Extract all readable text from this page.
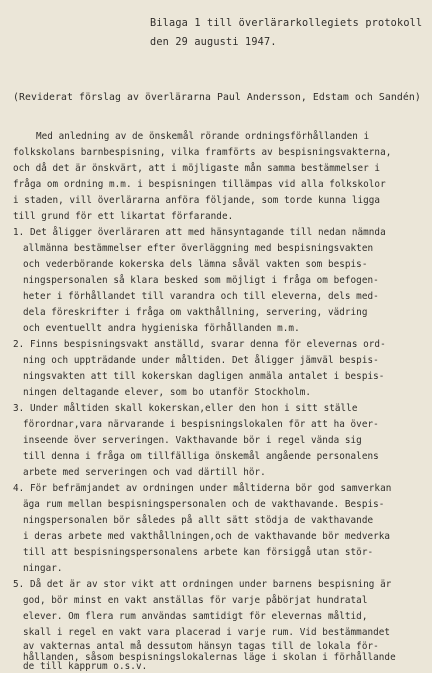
Bilaga 1 till överlärarkollegiets protokoll
den 29 augusti 1947.
(Reviderat förslag av överlärarna Paul Andersson, Edstam och Sandén)
Med anledning av de önskemål rörande ordningsförhållanden i
folkskolans barnbespisning, vilka framförts av bespisningsvakterna,
och då det är önskvärt, att i möjligaste mån samma bestämmelser i
fråga om ordning m.m. i bespisningen tillämpas vid alla folkskolor
i staden, vill överlärarna anföra följande, som torde kunna ligga
till grund för ett likartat förfarande.
1. Det åligger överläraren att med hänsyntagande till nedan nämnda
allmänna bestämmelser efter överläggning med bespisningsvakten
och vederbörande kokerska dels lämna såväl vakten som bespis-
ningspersonalen så klara besked som möjligt i fråga om befogen-
heter i förhållandet till varandra och till eleverna, dels med-
dela föreskrifter i fråga om vakthållning, servering, vädring
och eventuellt andra hygieniska förhållanden m.m.
2. Finns bespisningsvakt anställd, svarar denna för elevernas ord-
ning och uppträdande under måltiden. Det åligger jämväl bespis-
ningsvakten att till kokerskan dagligen anmäla antalet i bespis-
ningen deltagande elever, som bo utanför Stockholm.
3. Under måltiden skall kokerskan,eller den hon i sitt ställe
förordnar,vara närvarande i bespisningslokalen för att ha över-
inseende över serveringen. Vakthavande bör i regel vända sig
till denna i fråga om tillfälliga önskemål angående personalens
arbete med serveringen och vad därtill hör.
4. För befrämjandet av ordningen under måltiderna bör god samverkan
äga rum mellan bespisningspersonalen och de vakthavande. Bespis-
ningspersonalen bör således på allt sätt stödja de vakthavande
i deras arbete med vakthållningen,och de vakthavande bör medverka
till att bespisningspersonalens arbete kan försiggå utan stör-
ningar.
5. Då det är av stor vikt att ordningen under barnens bespisning är
god, bör minst en vakt anställas för varje påbörjat hundratal
elever. Om flera rum användas samtidigt för elevernas måltid,
skall i regel en vakt vara placerad i varje rum. Vid bestämmandet
av vakternas antal må dessutom hänsyn tagas till de lokala för-
hållanden, såsom bespisningslokalernas läge i skolan i förhållande
de till kapprum o.s.v.
